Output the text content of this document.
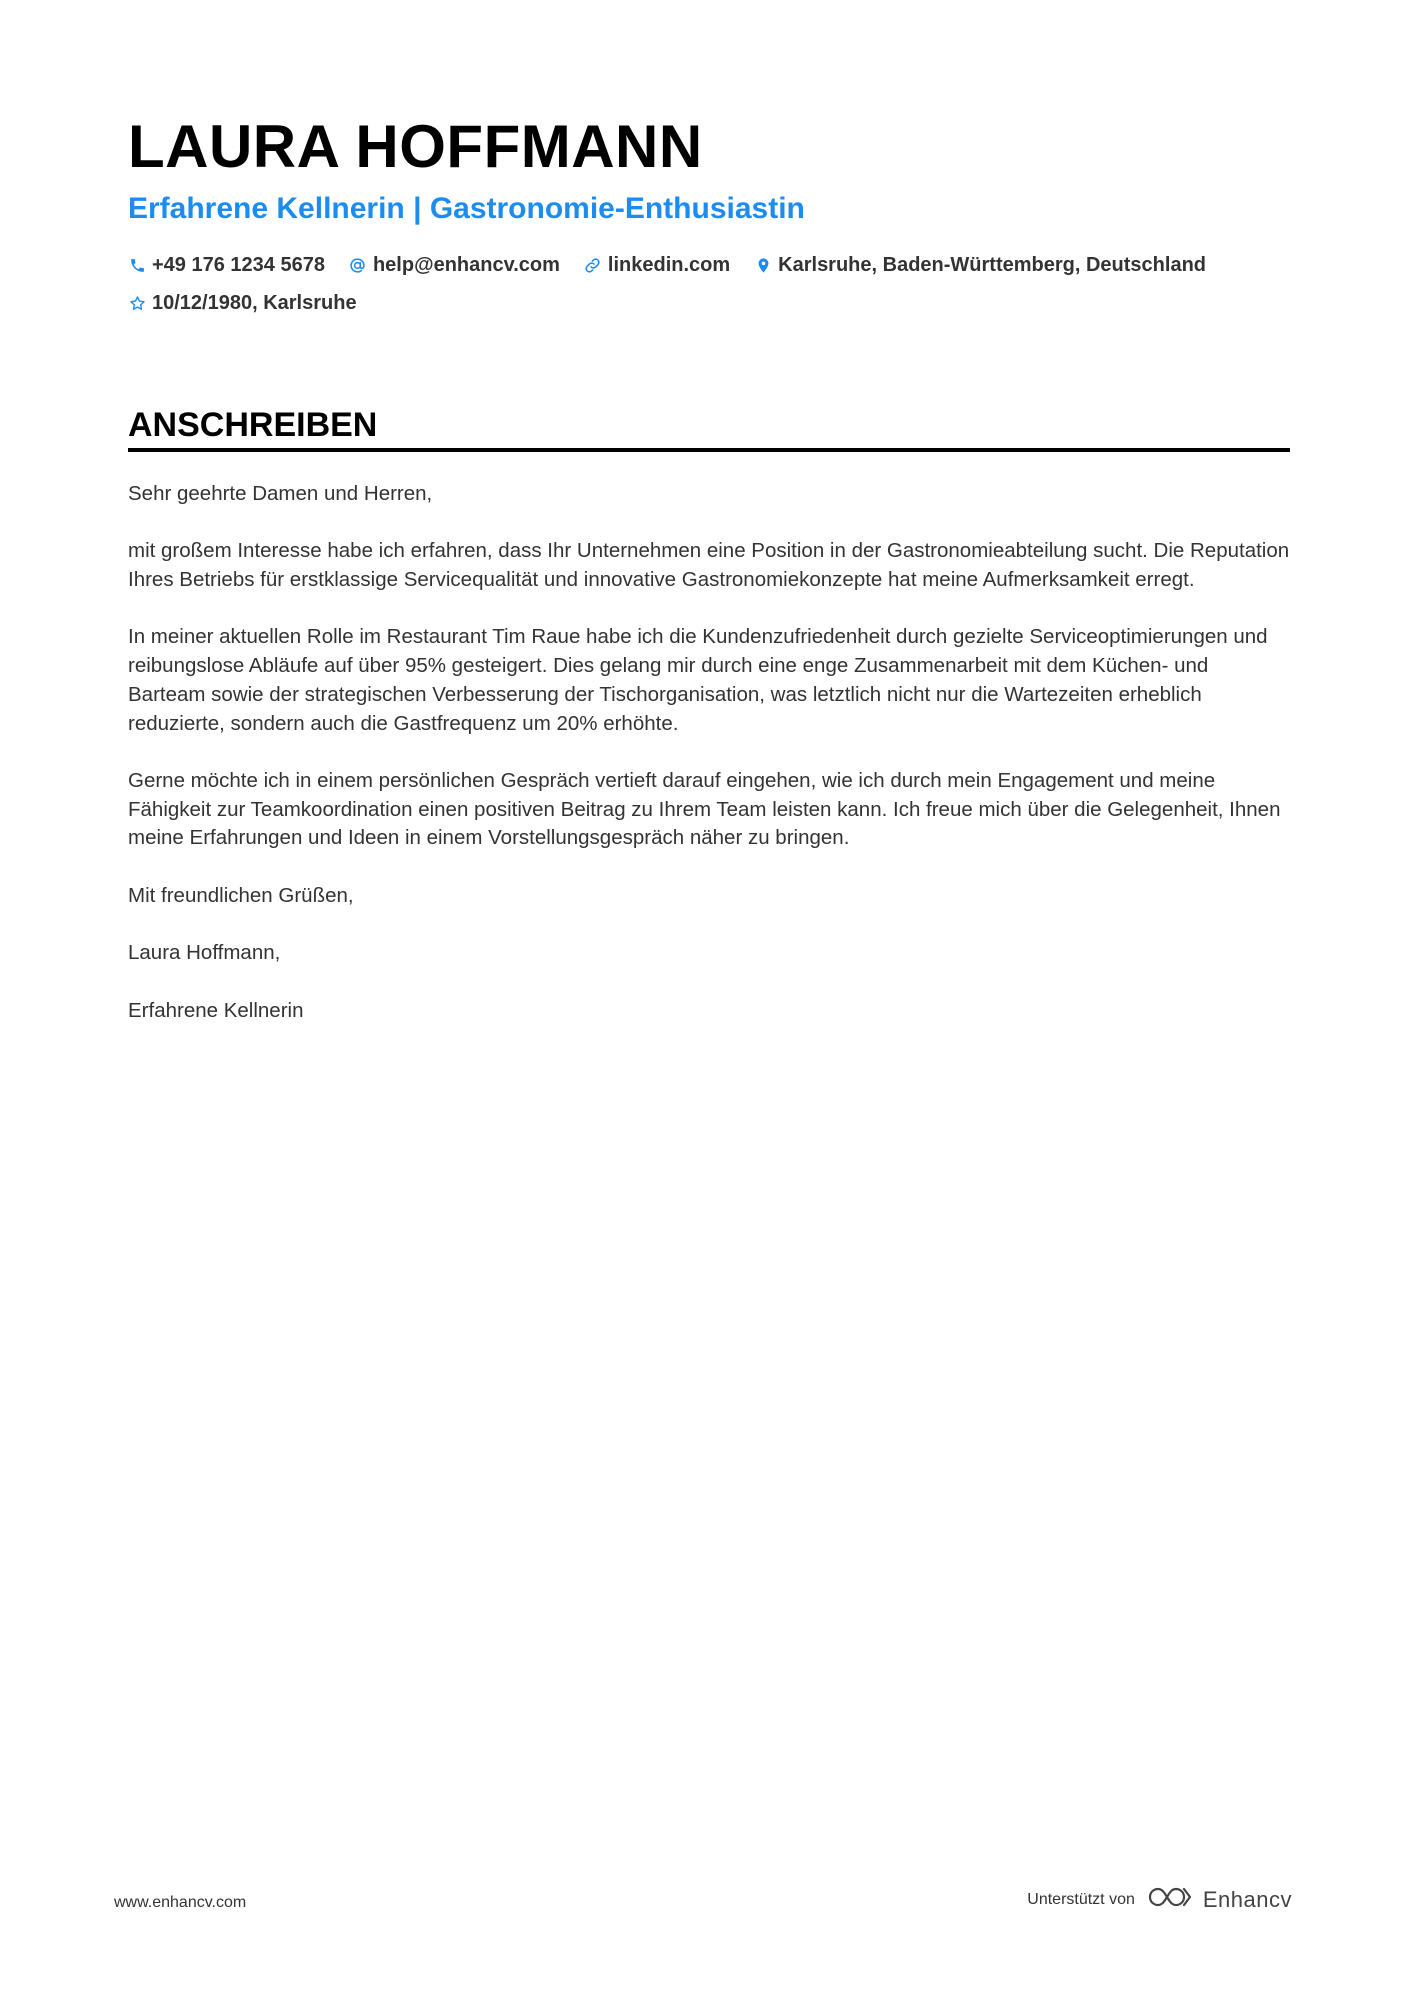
LAURA HOFFMANN
Erfahrene Kellnerin | Gastronomie-Enthusiastin
+49 176 1234 5678 help@enhancv.com linkedin.com Karlsruhe, Baden-Württemberg, Deutschland
10/12/1980, Karlsruhe
ANSCHREIBEN

Sehr geehrte Damen und Herren,

mit großem Interesse habe ich erfahren, dass Ihr Unternehmen eine Position in der Gastronomieabteilung sucht. Die Reputation Ihres Betriebs für erstklassige Servicequalität und innovative Gastronomiekonzepte hat meine Aufmerksamkeit erregt.

In meiner aktuellen Rolle im Restaurant Tim Raue habe ich die Kundenzufriedenheit durch gezielte Serviceoptimierungen und reibungslose Abläufe auf über 95% gesteigert. Dies gelang mir durch eine enge Zusammenarbeit mit dem Küchen- und Barteam sowie der strategischen Verbesserung der Tischorganisation, was letztlich nicht nur die Wartezeiten erheblich reduzierte, sondern auch die Gastfrequenz um 20% erhöhte.

Gerne möchte ich in einem persönlichen Gespräch vertieft darauf eingehen, wie ich durch mein Engagement und meine Fähigkeit zur Teamkoordination einen positiven Beitrag zu Ihrem Team leisten kann. Ich freue mich über die Gelegenheit, Ihnen meine Erfahrungen und Ideen in einem Vorstellungsgespräch näher zu bringen.

Mit freundlichen Grüßen,

Laura Hoffmann,

Erfahrene Kellnerin

www.enhancv.com	Unterstützt von	Enhancv
